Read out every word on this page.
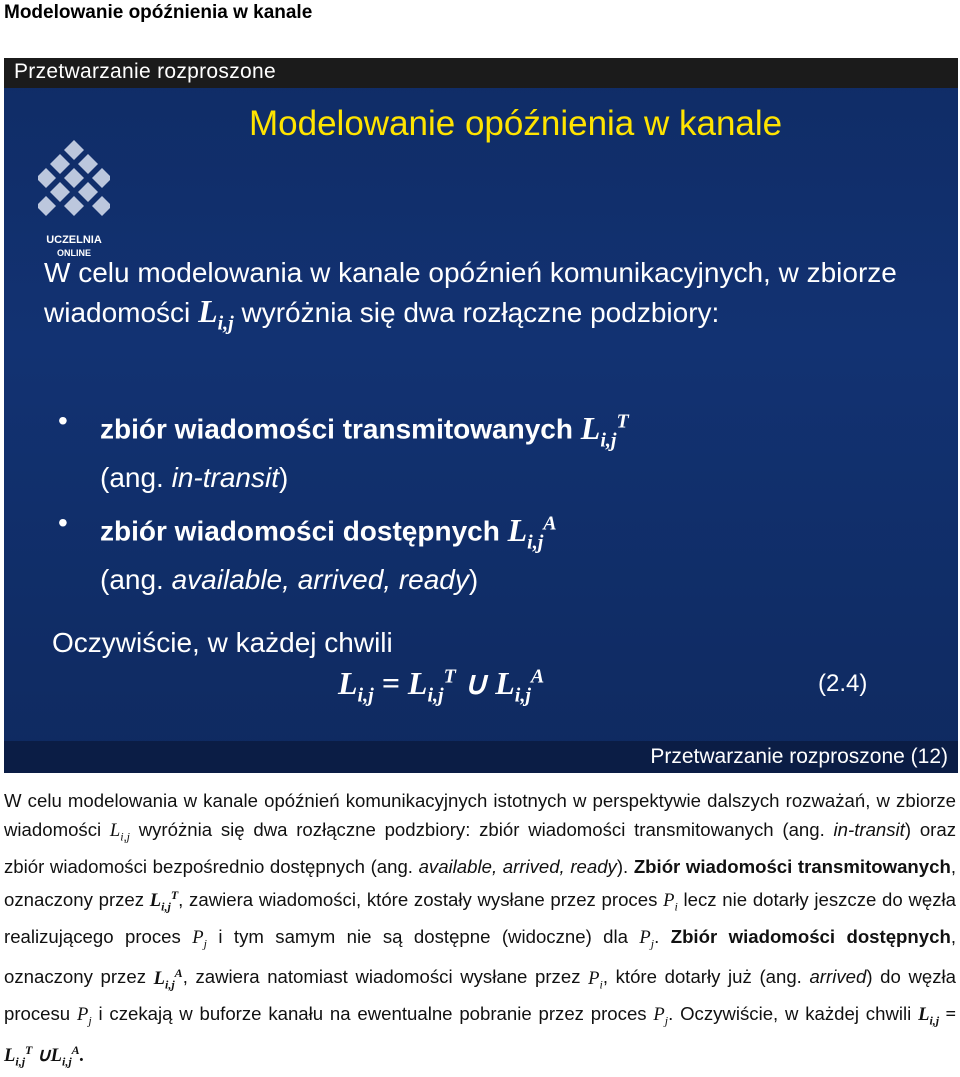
Modelowanie opóźnienia w kanale
Przetwarzanie rozproszone
UCZELNIA
ONLINE
Modelowanie opóźnienia w kanale
W celu modelowania w kanale opóźnień komunikacyjnych, w zbiorze wiadomości $L_{i,j}$ wyróżnia się dwa rozłączne podzbiory:
• zbiór wiadomości transmitowanych $L_{i,j}^T$
(ang. in-transit)
• zbiór wiadomości dostępnych $L_{i,j}^A$
(ang. available, arrived, ready)
Oczywiście, w każdej chwili
$L_{i,j} = L_{i,j}^T$ ∪ $L_{i,j}^A$	(2.4)
Przetwarzanie rozproszone (12)
W celu modelowania w kanale opóźnień komunikacyjnych istotnych w perspektywie dalszych rozważań, w zbiorze wiadomości $L_{i,j}$ wyróżnia się dwa rozłączne podzbiory: zbiór wiadomości transmitowanych (ang. in-transit) oraz zbiór wiadomości bezpośrednio dostępnych (ang. available, arrived, ready). Zbiór wiadomości transmitowanych, oznaczony przez $L_{i,j}^T$, zawiera wiadomości, które zostały wysłane przez proces $P_i$ lecz nie dotarły jeszcze do węzła realizującego proces $P_j$ i tym samym nie są dostępne (widoczne) dla $P_j$. Zbiór wiadomości dostępnych, oznaczony przez $L_{i,j}^A$, zawiera natomiast wiadomości wysłane przez $P_i$, które dotarły już (ang. arrived) do węzła procesu $P_j$ i czekają w buforze kanału na ewentualne pobranie przez proces $P_j$. Oczywiście, w każdej chwili $L_{i,j} = L_{i,j}^T$ $\cup L_{i,j}^A$.
